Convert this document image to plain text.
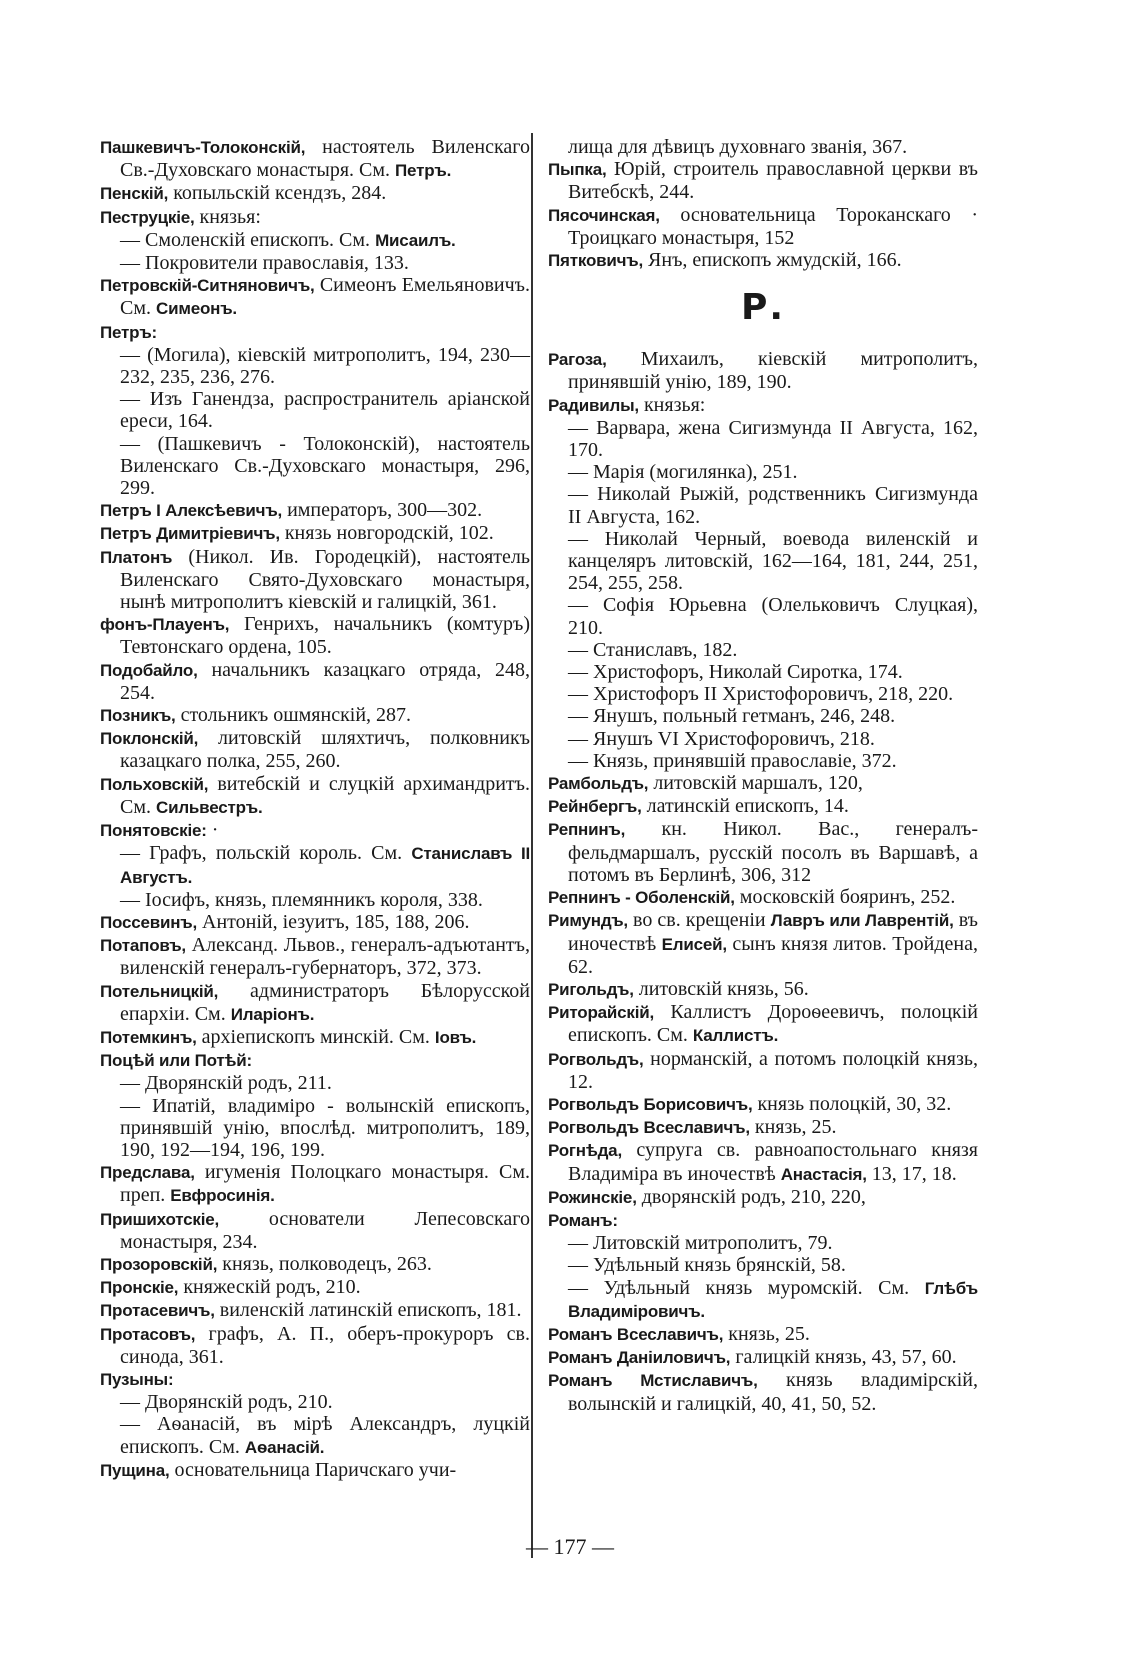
Пашкевичъ-Толоконскій, настоятель Виленскаго Св.-Духовскаго монастыря. См. Петръ.
Пенскій, копыльскій ксендзъ, 284.
Пеструцкіе, князья:
— Смоленскій епископъ. См. Мисаилъ.
— Покровители православія, 133.
Петровскій-Ситняновичъ, Симеонъ Емельяновичъ. См. Симеонъ.
Петръ:
— (Могила), кіевскій митрополитъ, 194, 230—232, 235, 236, 276.
— Изъ Ганендза, распространитель аріанской ереси, 164.
— (Пашкевичъ - Толоконскій), настоятель Виленскаго Св.-Духовскаго монастыря, 296, 299.
Петръ I Алексѣевичъ, императоръ, 300—302.
Петръ Димитріевичъ, князь новгородскій, 102.
Платонъ (Никол. Ив. Городецкій), настоятель Виленскаго Свято-Духовскаго монастыря, нынѣ митрополитъ кіевскій и галицкій, 361.
фонъ-Плауенъ, Генрихъ, начальникъ (комтуръ) Тевтонскаго ордена, 105.
Подобайло, начальникъ казацкаго отряда, 248, 254.
Позникъ, стольникъ ошмянскій, 287.
Поклонскій, литовскій шляхтичъ, полковникъ казацкаго полка, 255, 260.
Польховскій, витебскій и слуцкій архимандритъ. См. Сильвестръ.
Понятовскіе: ·
— Графъ, польскій король. См. Станиславъ II Августъ.
— Іосифъ, князь, племянникъ короля, 338.
Поссевинъ, Антоній, іезуитъ, 185, 188, 206.
Потаповъ, Александ. Львов., генералъ-адъютантъ, виленскій генералъ-губернаторъ, 372, 373.
Потельницкій, администраторъ Бѣлорусской епархіи. См. Иларіонъ.
Потемкинъ, архіепископъ минскій. См. Іовъ.
Поцѣй или Потѣй:
— Дворянскій родъ, 211.
— Ипатій, владиміро - волынскій епископъ, принявшій унію, впослѣд. митрополитъ, 189, 190, 192—194, 196, 199.
Предслава, игуменія Полоцкаго монастыря. См. преп. Евфросинія.
Пришихотскіе, основатели Лепесовскаго монастыря, 234.
Прозоровскій, князь, полководецъ, 263.
Пронскіе, княжескій родъ, 210.
Протасевичъ, виленскій латинскій епископъ, 181.
Протасовъ, графъ, А. П., оберъ-прокуроръ св. синода, 361.
Пузыны:
— Дворянскій родъ, 210.
— Аѳанасій, въ мірѣ Александръ, луцкій епископъ. См. Аѳанасій.
Пущина, основательница Паричскаго учи-
лища для дѣвицъ духовнаго званія, 367.
Пыпка, Юрій, строитель православной церкви въ Витебскѣ, 244.
Пясочинская, основательница Тороканскаго · Троицкаго монастыря, 152
Пятковичъ, Янъ, епископъ жмудскій, 166.
Р.
Рагоза, Михаилъ, кіевскій митрополитъ, принявшій унію, 189, 190.
Радивилы, князья:
— Варвара, жена Сигизмунда II Августа, 162, 170.
— Марія (могилянка), 251.
— Николай Рыжій, родственникъ Сигизмунда II Августа, 162.
— Николай Черный, воевода виленскій и канцеляръ литовскій, 162—164, 181, 244, 251, 254, 255, 258.
— Софія Юрьевна (Олельковичъ Слуцкая), 210.
— Станиславъ, 182.
— Христофоръ, Николай Сиротка, 174.
— Христофоръ II Христофоровичъ, 218, 220.
— Янушъ, польный гетманъ, 246, 248.
— Янушъ VI Христофоровичъ, 218.
— Князь, принявшій православіе, 372.
Рамбольдъ, литовскій маршалъ, 120,
Рейнбергъ, латинскій епископъ, 14.
Репнинъ, кн. Никол. Вас., генералъ-фельдмаршалъ, русскій посолъ въ Варшавѣ, а потомъ въ Берлинѣ, 306, 312
Репнинъ - Оболенскій, московскій бояринъ, 252.
Римундъ, во св. крещеніи Лавръ или Лаврентій, въ иночествѣ Елисей, сынъ князя литов. Тройдена, 62.
Ригольдъ, литовскій князь, 56.
Риторайскій, Каллистъ Дороѳеевичъ, полоцкій епископъ. См. Каллистъ.
Рогвольдъ, норманскій, а потомъ полоцкій князь, 12.
Рогвольдъ Борисовичъ, князь полоцкій, 30, 32.
Рогвольдъ Всеславичъ, князь, 25.
Рогнѣда, супруга св. равноапостольнаго князя Владиміра въ иночествѣ Анастасія, 13, 17, 18.
Рожинскіе, дворянскій родъ, 210, 220,
Романъ:
— Литовскій митрополитъ, 79.
— Удѣльный князь брянскій, 58.
— Удѣльный князь муромскій. См. Глѣбъ Владиміровичъ.
Романъ Всеславичъ, князь, 25.
Романъ Даніиловичъ, галицкій князь, 43, 57, 60.
Романъ Мстиславичъ, князь владимірскій, волынскій и галицкій, 40, 41, 50, 52.
— 177 —
